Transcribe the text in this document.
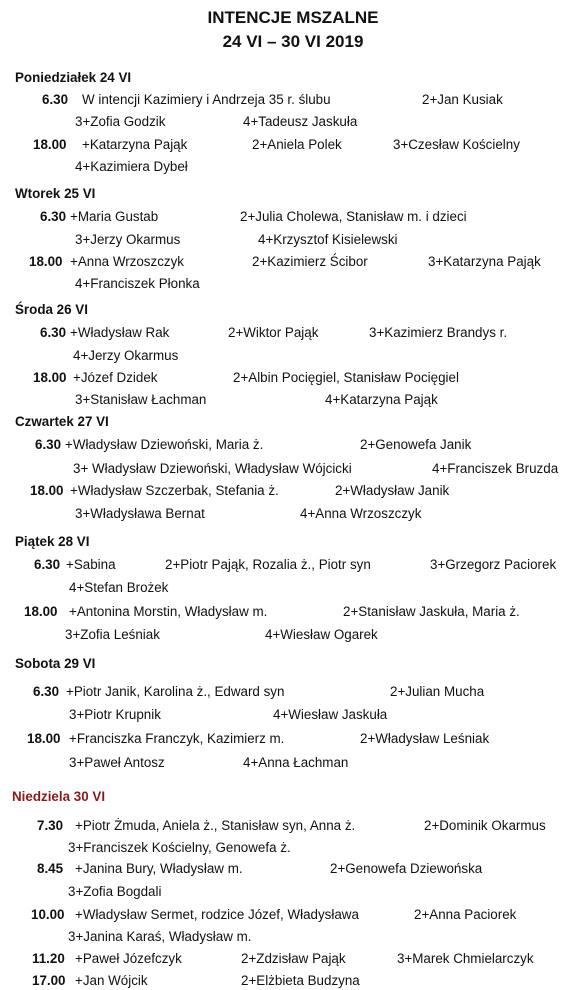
INTENCJE MSZALNE
24 VI – 30 VI 2019
Poniedziałek 24 VI
6.30 W intencji Kazimiery i Andrzeja 35 r. ślubu	2+Jan Kusiak
3+Zofia Godzik	4+Tadeusz Jaskuła
18.00 +Katarzyna Pająk	2+Aniela Polek	3+Czesław Kościelny
4+Kazimiera Dybeł
Wtorek 25 VI
6.30 +Maria Gustab	2+Julia Cholewa, Stanisław m. i dzieci
3+Jerzy Okarmus	4+Krzysztof Kisielewski
18.00 +Anna Wrzoszczyk	2+Kazimierz Ścibor	3+Katarzyna Pająk
4+Franciszek Płonka
Środa 26 VI
6.30 +Władysław Rak	2+Wiktor Pająk	3+Kazimierz Brandys r.
4+Jerzy Okarmus
18.00 +Józef Dzidek	2+Albin Pocięgiel, Stanisław Pocięgiel
3+Stanisław Łachman	4+Katarzyna Pająk
Czwartek 27 VI
6.30 +Władysław Dziewoński, Maria ż.	2+Genowefa Janik
3+ Władysław Dziewoński, Władysław Wójcicki	4+Franciszek Bruzda
18.00 +Władysław Szczerbak, Stefania ż.	2+Władysław Janik
3+Władysława Bernat	4+Anna Wrzoszczyk
Piątek 28 VI
6.30 +Sabina	2+Piotr Pająk, Rozalia ż., Piotr syn	3+Grzegorz Paciorek
4+Stefan Brożek
18.00 +Antonina Morstin, Władysław m.	2+Stanisław Jaskuła, Maria ż.
3+Zofia Leśniak	4+Wiesław Ogarek
Sobota 29 VI
6.30 +Piotr Janik, Karolina ż., Edward syn	2+Julian Mucha
3+Piotr Krupnik	4+Wiesław Jaskuła
18.00 +Franciszka Franczyk, Kazimierz m.	2+Władysław Leśniak
3+Paweł Antosz	4+Anna Łachman
Niedziela 30 VI
7.30 +Piotr Żmuda, Aniela ż., Stanisław syn, Anna ż.	2+Dominik Okarmus
3+Franciszek Kościelny, Genowefa ż.
8.45 +Janina Bury, Władysław m.	2+Genowefa Dziewońska
3+Zofia Bogdali
10.00 +Władysław Sermet, rodzice Józef, Władysława	2+Anna Paciorek
3+Janina Karaś, Władysław m.
11.20 +Paweł Józefczyk	2+Zdzisław Pająk	3+Marek Chmielarczyk
17.00 +Jan Wójcik	2+Elżbieta Budzyna
